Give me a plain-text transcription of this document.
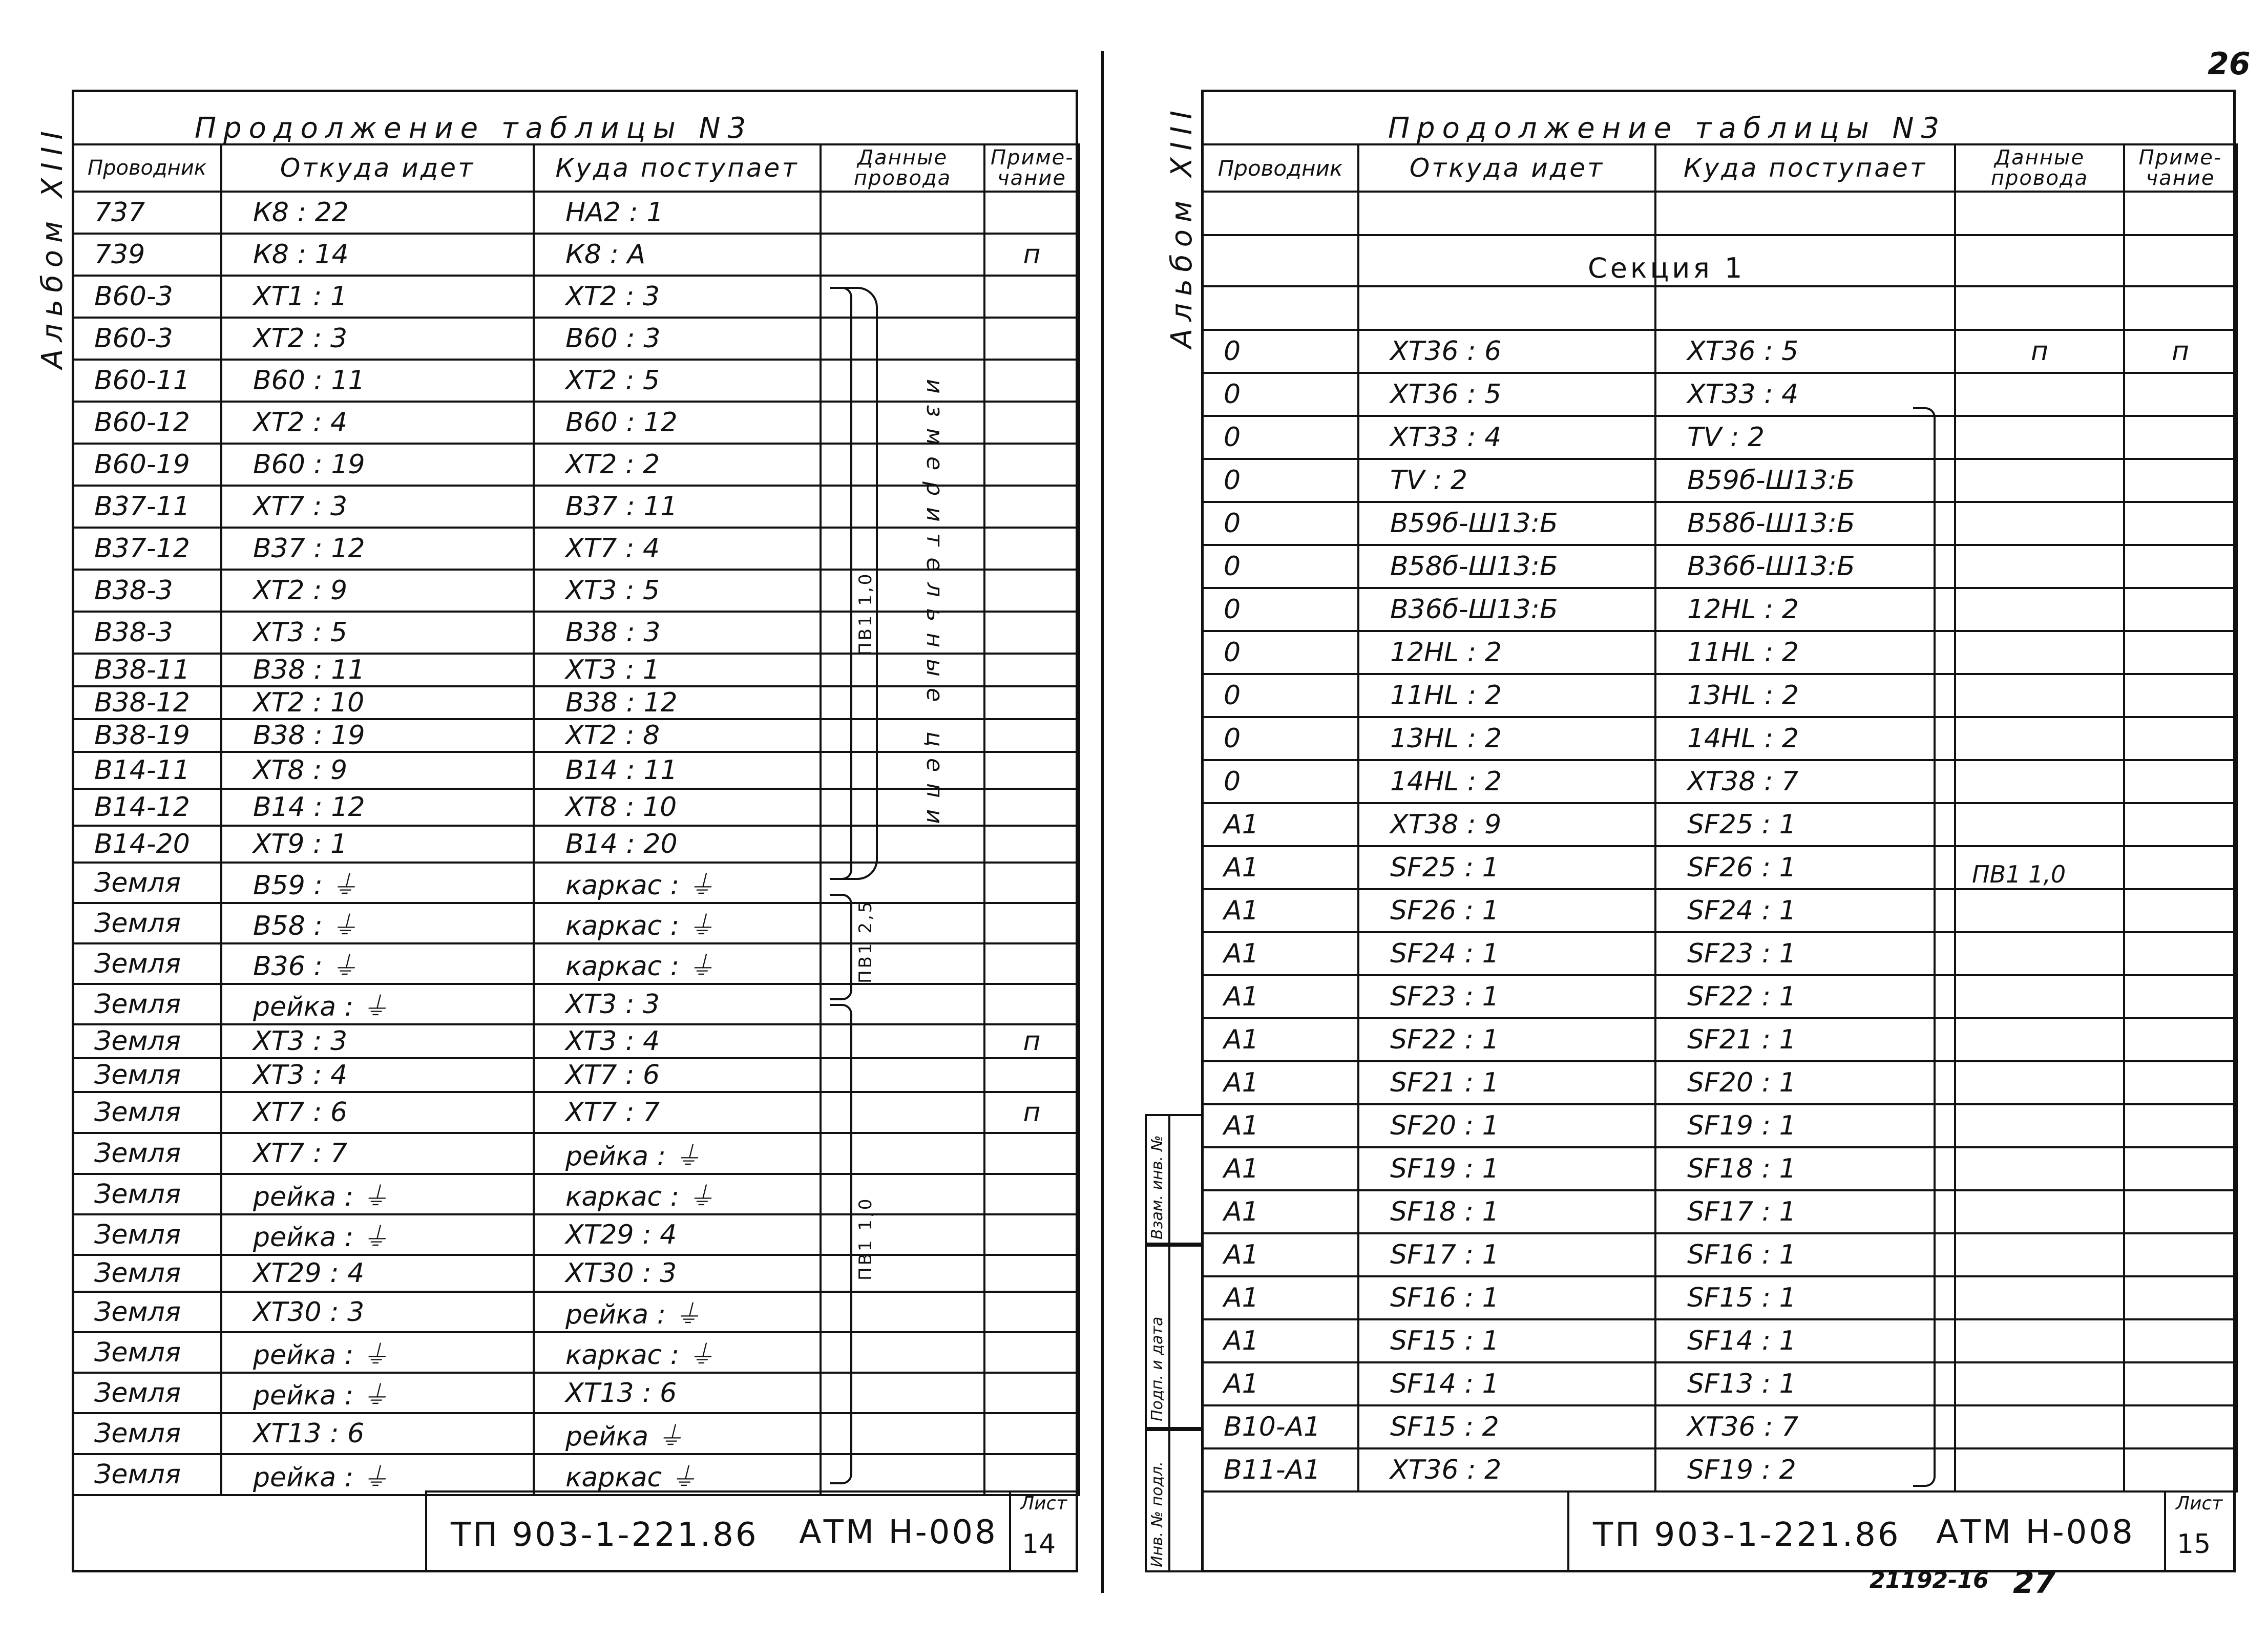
26
21192-16 27
Альбом XIII	Продолжение таблицы N3
Проводник	Откуда идет	Куда поступает	Данные провода	Приме-чание
737	К8 : 22	НА2 : 1		
739	К8 : 14	К8 : А		п
В60-3	ХТ1 : 1	ХТ2 : 3		
В60-3	ХТ2 : 3	В60 : 3		
В60-11	В60 : 11	ХТ2 : 5		
В60-12	ХТ2 : 4	В60 : 12		
В60-19	В60 : 19	ХТ2 : 2		
В37-11	ХТ7 : 3	В37 : 11		
В37-12	В37 : 12	ХТ7 : 4		
В38-3	ХТ2 : 9	ХТ3 : 5		
В38-3	ХТ3 : 5	В38 : 3		
В38-11	В38 : 11	ХТ3 : 1		
В38-12	ХТ2 : 10	В38 : 12		
В38-19	В38 : 19	ХТ2 : 8		
В14-11	ХТ8 : 9	В14 : 11		
В14-12	В14 : 12	ХТ8 : 10		
В14-20	ХТ9 : 1	В14 : 20		
Земля	В59 : ⏚	каркас : ⏚		
Земля	В58 : ⏚	каркас : ⏚		
Земля	В36 : ⏚	каркас : ⏚		
Земля	рейка : ⏚	ХТ3 : 3		
Земля	ХТ3 : 3	ХТ3 : 4		п
Земля	ХТ3 : 4	ХТ7 : 6		
Земля	ХТ7 : 6	ХТ7 : 7		п
Земля	ХТ7 : 7	рейка : ⏚		
Земля	рейка : ⏚	каркас : ⏚		
Земля	рейка : ⏚	ХТ29 : 4		
Земля	ХТ29 : 4	ХТ30 : 3		
Земля	ХТ30 : 3	рейка : ⏚		
Земля	рейка : ⏚	каркас : ⏚		
Земля	рейка : ⏚	ХТ13 : 6		
Земля	ХТ13 : 6	рейка ⏚		
Земля	рейка : ⏚	каркас ⏚		
ПВ1 1,0 измерительные цепи
ПВ1 2,5
ПВ1 1,0
ТП 903-1-221.86 АТМ Н-008
Лист
14
Альбом XIII	Продолжение таблицы N3
Проводник	Откуда идет	Куда поступает	Данные провода	Приме-чание

0	ХТ36 : 6	ХТ36 : 5	п	п
0	ХТ36 : 5	ХТ33 : 4		
0	ХТ33 : 4	TV : 2		
0	TV : 2	В59б-Ш13:Б		
0	В59б-Ш13:Б	В58б-Ш13:Б		
0	В58б-Ш13:Б	В36б-Ш13:Б		
0	В36б-Ш13:Б	12HL : 2		
0	12HL : 2	11HL : 2		
0	11HL : 2	13HL : 2		
0	13HL : 2	14HL : 2		
0	14HL : 2	ХТ38 : 7		
А1	ХТ38 : 9	SF25 : 1		
А1	SF25 : 1	SF26 : 1		
А1	SF26 : 1	SF24 : 1		
А1	SF24 : 1	SF23 : 1		
А1	SF23 : 1	SF22 : 1		
А1	SF22 : 1	SF21 : 1		
А1	SF21 : 1	SF20 : 1		
А1	SF20 : 1	SF19 : 1		
А1	SF19 : 1	SF18 : 1		
А1	SF18 : 1	SF17 : 1		
А1	SF17 : 1	SF16 : 1		
А1	SF16 : 1	SF15 : 1		
А1	SF15 : 1	SF14 : 1		
А1	SF14 : 1	SF13 : 1		
В10-А1	SF15 : 2	ХТ36 : 7		
В11-А1	ХТ36 : 2	SF19 : 2		
Секция 1
ПВ1 1,0
Взам. инв. №
Подп. и дата
Инв. № подл.	ТП 903-1-221.86 АТМ Н-008
Лист
15
